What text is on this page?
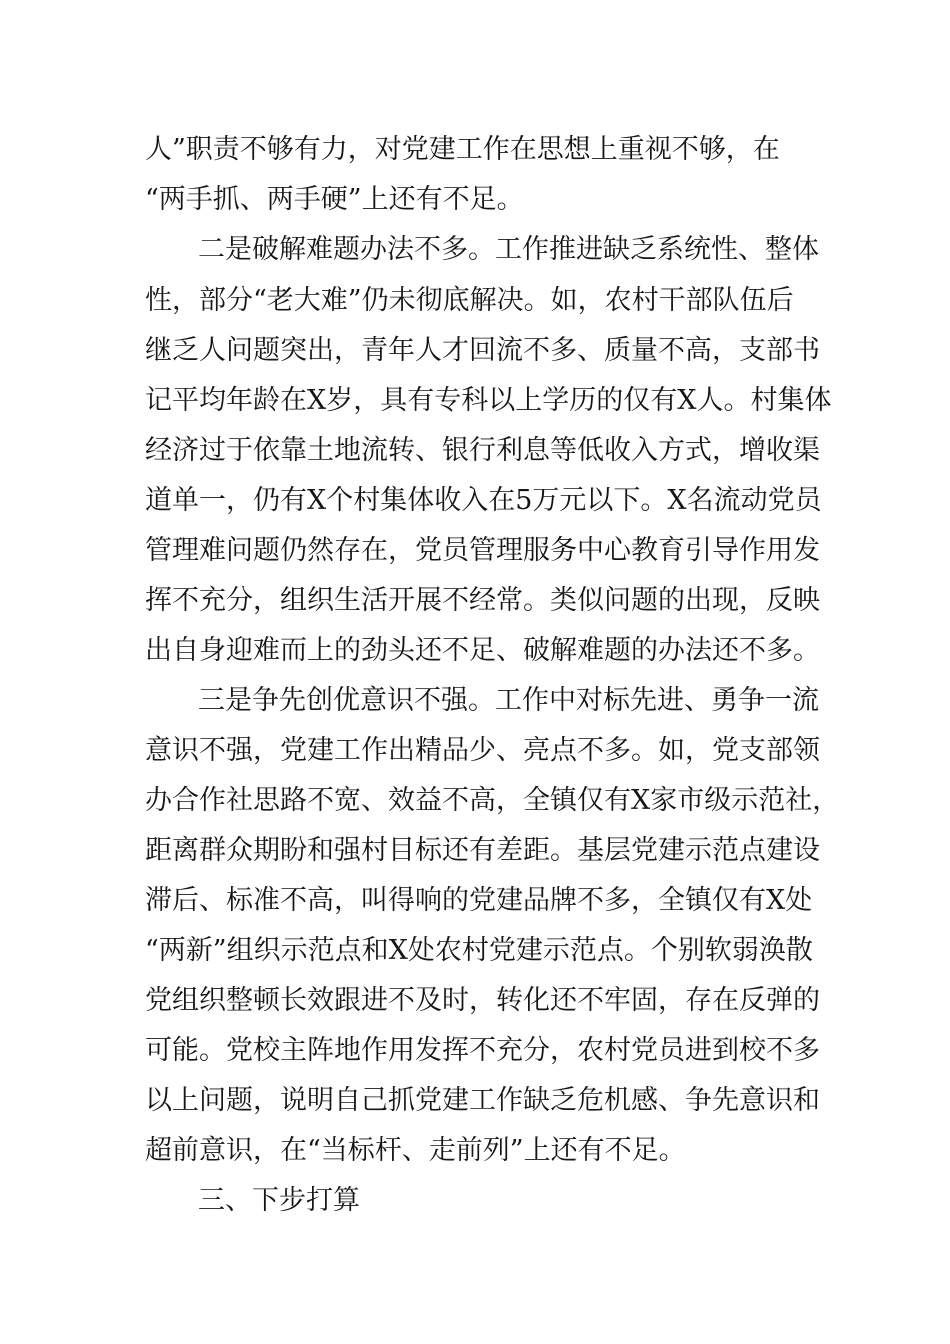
人”职责不够有力，对党建工作在思想上重视不够，在
“两手抓、两手硬”上还有不足。
二是破解难题办法不多。工作推进缺乏系统性、整体
性，部分“老大难”仍未彻底解决。如，农村干部队伍后
继乏人问题突出，青年人才回流不多、质量不高，支部书
记平均年龄在X岁，具有专科以上学历的仅有X人。村集体
经济过于依靠土地流转、银行利息等低收入方式，增收渠
道单一，仍有X个村集体收入在5万元以下。X名流动党员
管理难问题仍然存在，党员管理服务中心教育引导作用发
挥不充分，组织生活开展不经常。类似问题的出现，反映
出自身迎难而上的劲头还不足、破解难题的办法还不多。
三是争先创优意识不强。工作中对标先进、勇争一流
意识不强，党建工作出精品少、亮点不多。如，党支部领
办合作社思路不宽、效益不高，全镇仅有X家市级示范社，
距离群众期盼和强村目标还有差距。基层党建示范点建设
滞后、标准不高，叫得响的党建品牌不多，全镇仅有X处
“两新”组织示范点和X处农村党建示范点。个别软弱涣散
党组织整顿长效跟进不及时，转化还不牢固，存在反弹的
可能。党校主阵地作用发挥不充分，农村党员进到校不多
以上问题，说明自己抓党建工作缺乏危机感、争先意识和
超前意识，在“当标杆、走前列”上还有不足。
三、下步打算
